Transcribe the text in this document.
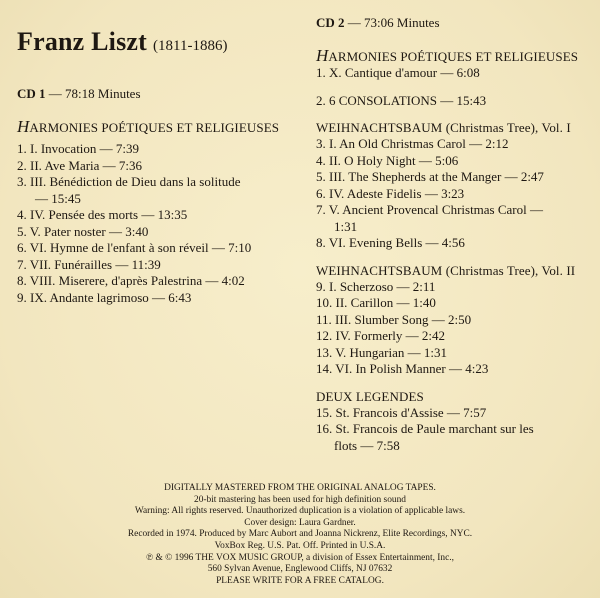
Franz Liszt (1811-1886)
CD 1 — 78:18 Minutes
HARMONIES POÉTIQUES ET RELIGIEUSES
1. I. Invocation — 7:39
2. II. Ave Maria — 7:36
3. III. Bénédiction de Dieu dans la solitude
— 15:45
4. IV. Pensée des morts — 13:35
5. V. Pater noster — 3:40
6. VI. Hymne de l'enfant à son réveil — 7:10
7. VII. Funérailles — 11:39
8. VIII. Miserere, d'après Palestrina — 4:02
9. IX. Andante lagrimoso — 6:43
CD 2 — 73:06 Minutes
HARMONIES POÉTIQUES ET RELIGIEUSES
1. X. Cantique d'amour — 6:08
2. 6 CONSOLATIONS — 15:43
WEIHNACHTSBAUM (Christmas Tree), Vol. I
3. I. An Old Christmas Carol — 2:12
4. II. O Holy Night — 5:06
5. III. The Shepherds at the Manger — 2:47
6. IV. Adeste Fidelis — 3:23
7. V. Ancient Provencal Christmas Carol —
1:31
8. VI. Evening Bells — 4:56
WEIHNACHTSBAUM (Christmas Tree), Vol. II
9. I. Scherzoso — 2:11
10. II. Carillon — 1:40
11. III. Slumber Song — 2:50
12. IV. Formerly — 2:42
13. V. Hungarian — 1:31
14. VI. In Polish Manner — 4:23
DEUX LEGENDES
15. St. Francois d'Assise — 7:57
16. St. Francois de Paule marchant sur les
flots — 7:58
DIGITALLY MASTERED FROM THE ORIGINAL ANALOG TAPES.
20-bit mastering has been used for high definition sound
Warning: All rights reserved. Unauthorized duplication is a violation of applicable laws.
Cover design: Laura Gardner.
Recorded in 1974. Produced by Marc Aubort and Joanna Nickrenz, Elite Recordings, NYC.
VoxBox Reg. U.S. Pat. Off. Printed in U.S.A.
℗ & © 1996 THE VOX MUSIC GROUP, a division of Essex Entertainment, Inc.,
560 Sylvan Avenue, Englewood Cliffs, NJ 07632
PLEASE WRITE FOR A FREE CATALOG.
